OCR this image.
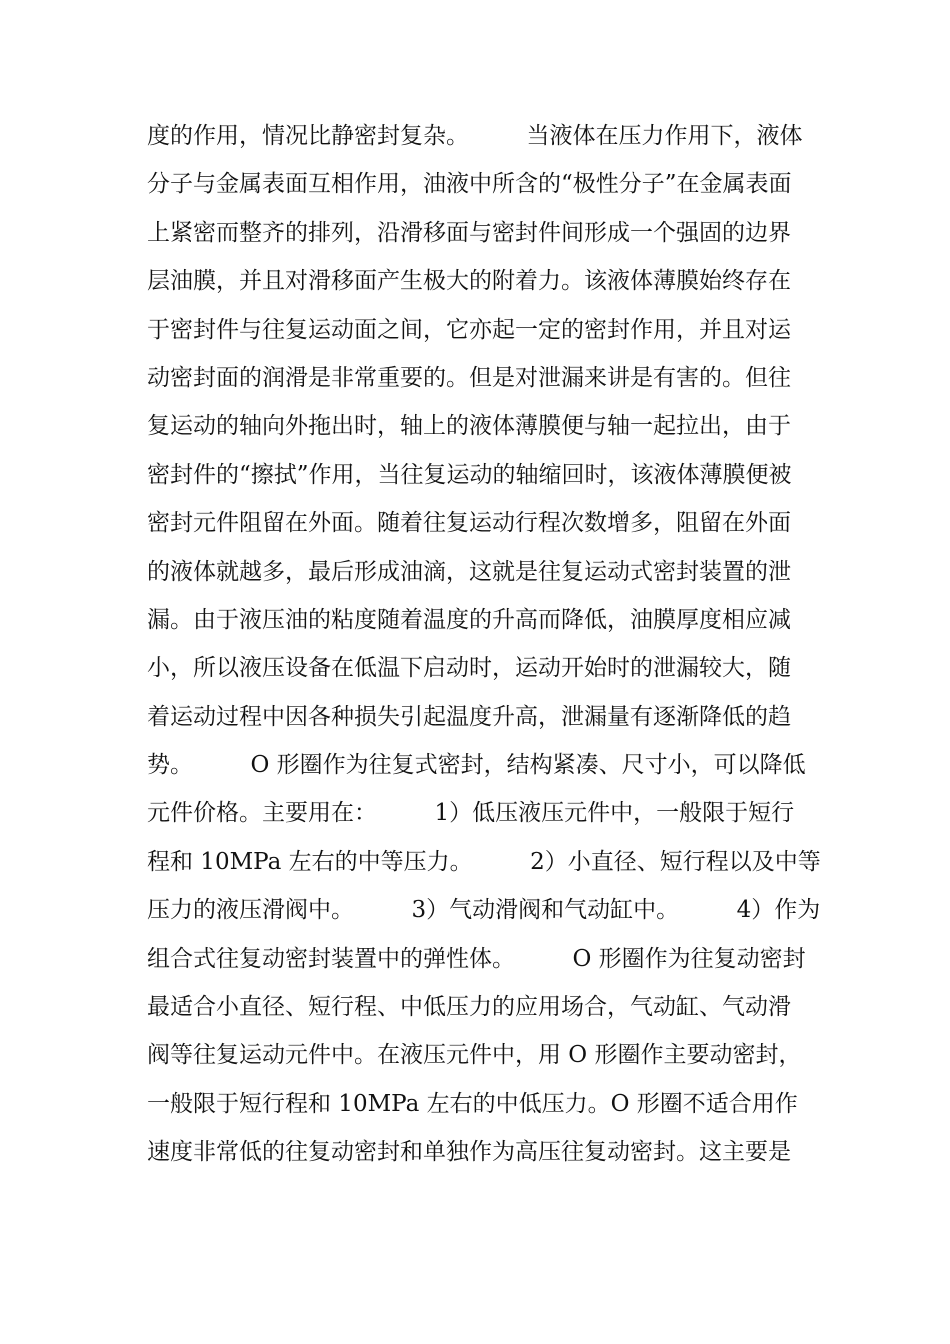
度的作用，情况比静密封复杂。　　　当液体在压力作用下，液体
分子与金属表面互相作用，油液中所含的“极性分子”在金属表面
上紧密而整齐的排列，沿滑移面与密封件间形成一个强固的边界
层油膜，并且对滑移面产生极大的附着力。该液体薄膜始终存在
于密封件与往复运动面之间，它亦起一定的密封作用，并且对运
动密封面的润滑是非常重要的。但是对泄漏来讲是有害的。但往
复运动的轴向外拖出时，轴上的液体薄膜便与轴一起拉出，由于
密封件的“擦拭”作用，当往复运动的轴缩回时，该液体薄膜便被
密封元件阻留在外面。随着往复运动行程次数增多，阻留在外面
的液体就越多，最后形成油滴，这就是往复运动式密封装置的泄
漏。由于液压油的粘度随着温度的升高而降低，油膜厚度相应减
小，所以液压设备在低温下启动时，运动开始时的泄漏较大，随
着运动过程中因各种损失引起温度升高，泄漏量有逐渐降低的趋
势。　　　O 形圈作为往复式密封，结构紧凑、尺寸小，可以降低
元件价格。主要用在：　　　1）低压液压元件中，一般限于短行
程和 10MPa 左右的中等压力。　　　2）小直径、短行程以及中等
压力的液压滑阀中。　　　3）气动滑阀和气动缸中。　　　4）作为
组合式往复动密封装置中的弹性体。　　　O 形圈作为往复动密封
最适合小直径、短行程、中低压力的应用场合，气动缸、气动滑
阀等往复运动元件中。在液压元件中，用 O 形圈作主要动密封，
一般限于短行程和 10MPa 左右的中低压力。O 形圈不适合用作
速度非常低的往复动密封和单独作为高压往复动密封。这主要是
